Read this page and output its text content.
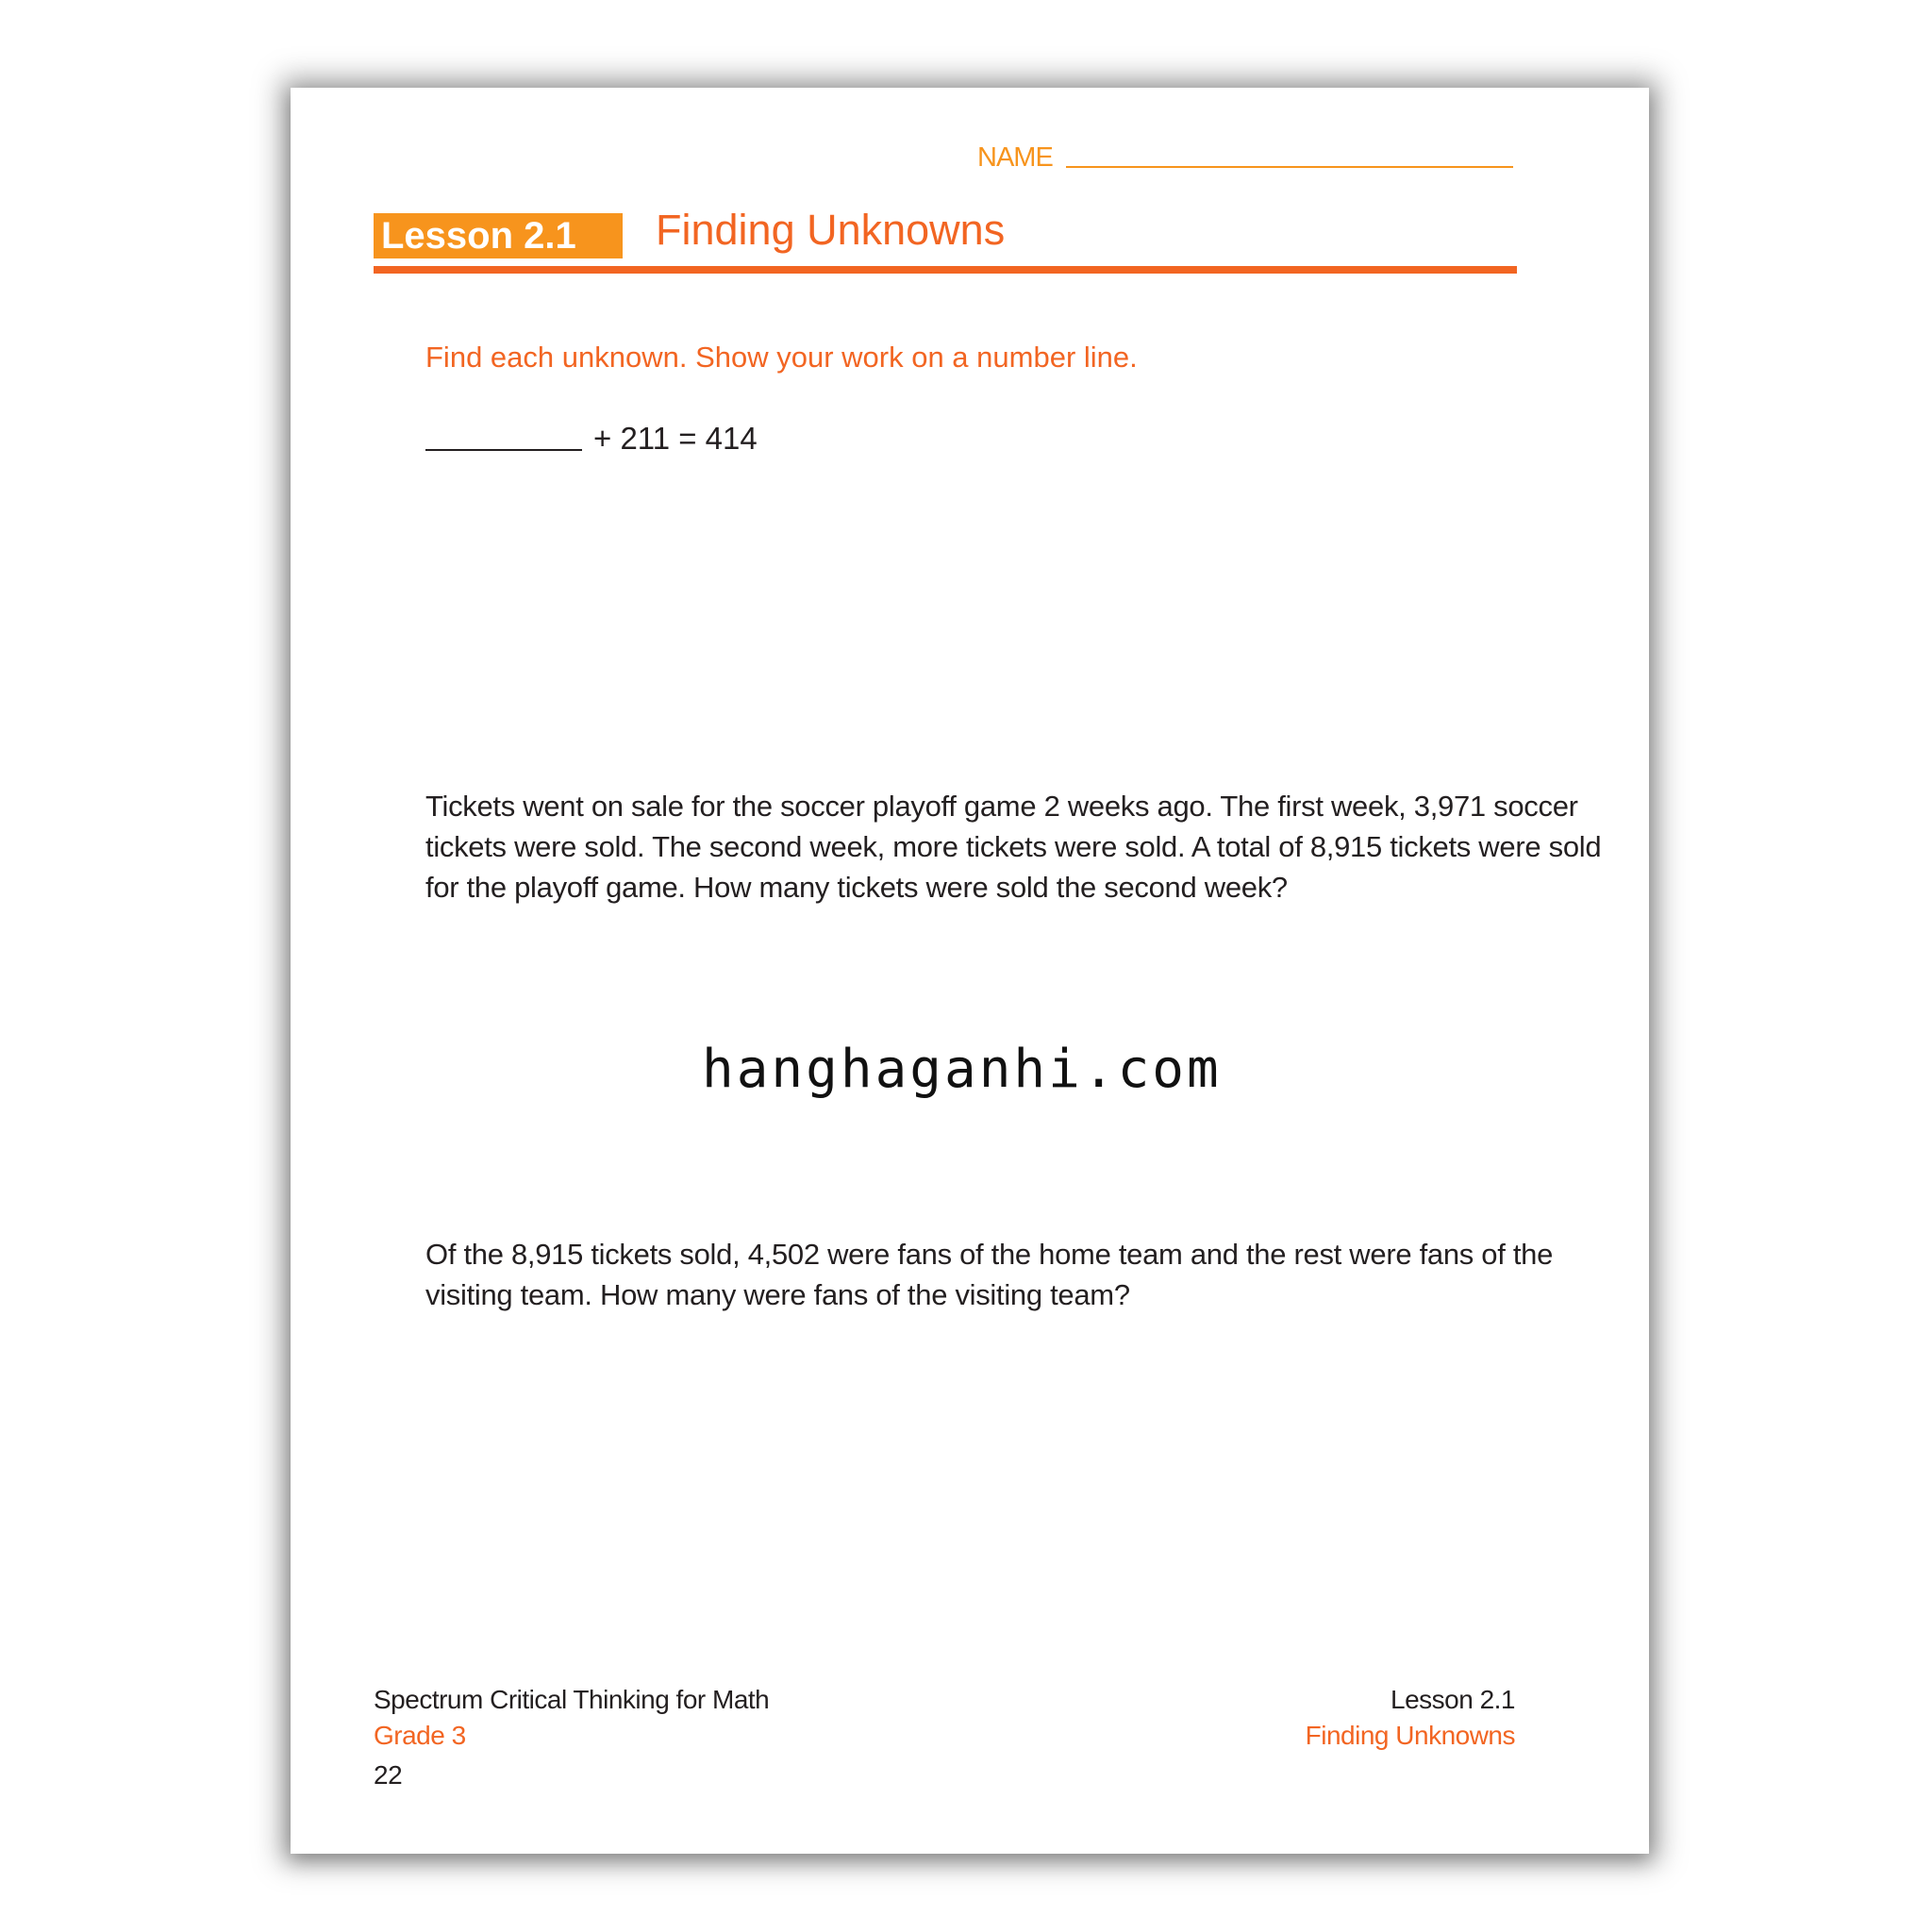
NAME
Lesson 2.1	Finding Unknowns
Find each unknown. Show your work on a number line.
+ 211 = 414
Tickets went on sale for the soccer playoff game 2 weeks ago. The first week, 3,971 soccer tickets were sold. The second week, more tickets were sold. A total of 8,915 tickets were sold for the playoff game. How many tickets were sold the second week?
hanghaganhi.com
Of the 8,915 tickets sold, 4,502 were fans of the home team and the rest were fans of the visiting team. How many were fans of the visiting team?
Spectrum Critical Thinking for Math
Grade 3
22
Lesson 2.1
Finding Unknowns
